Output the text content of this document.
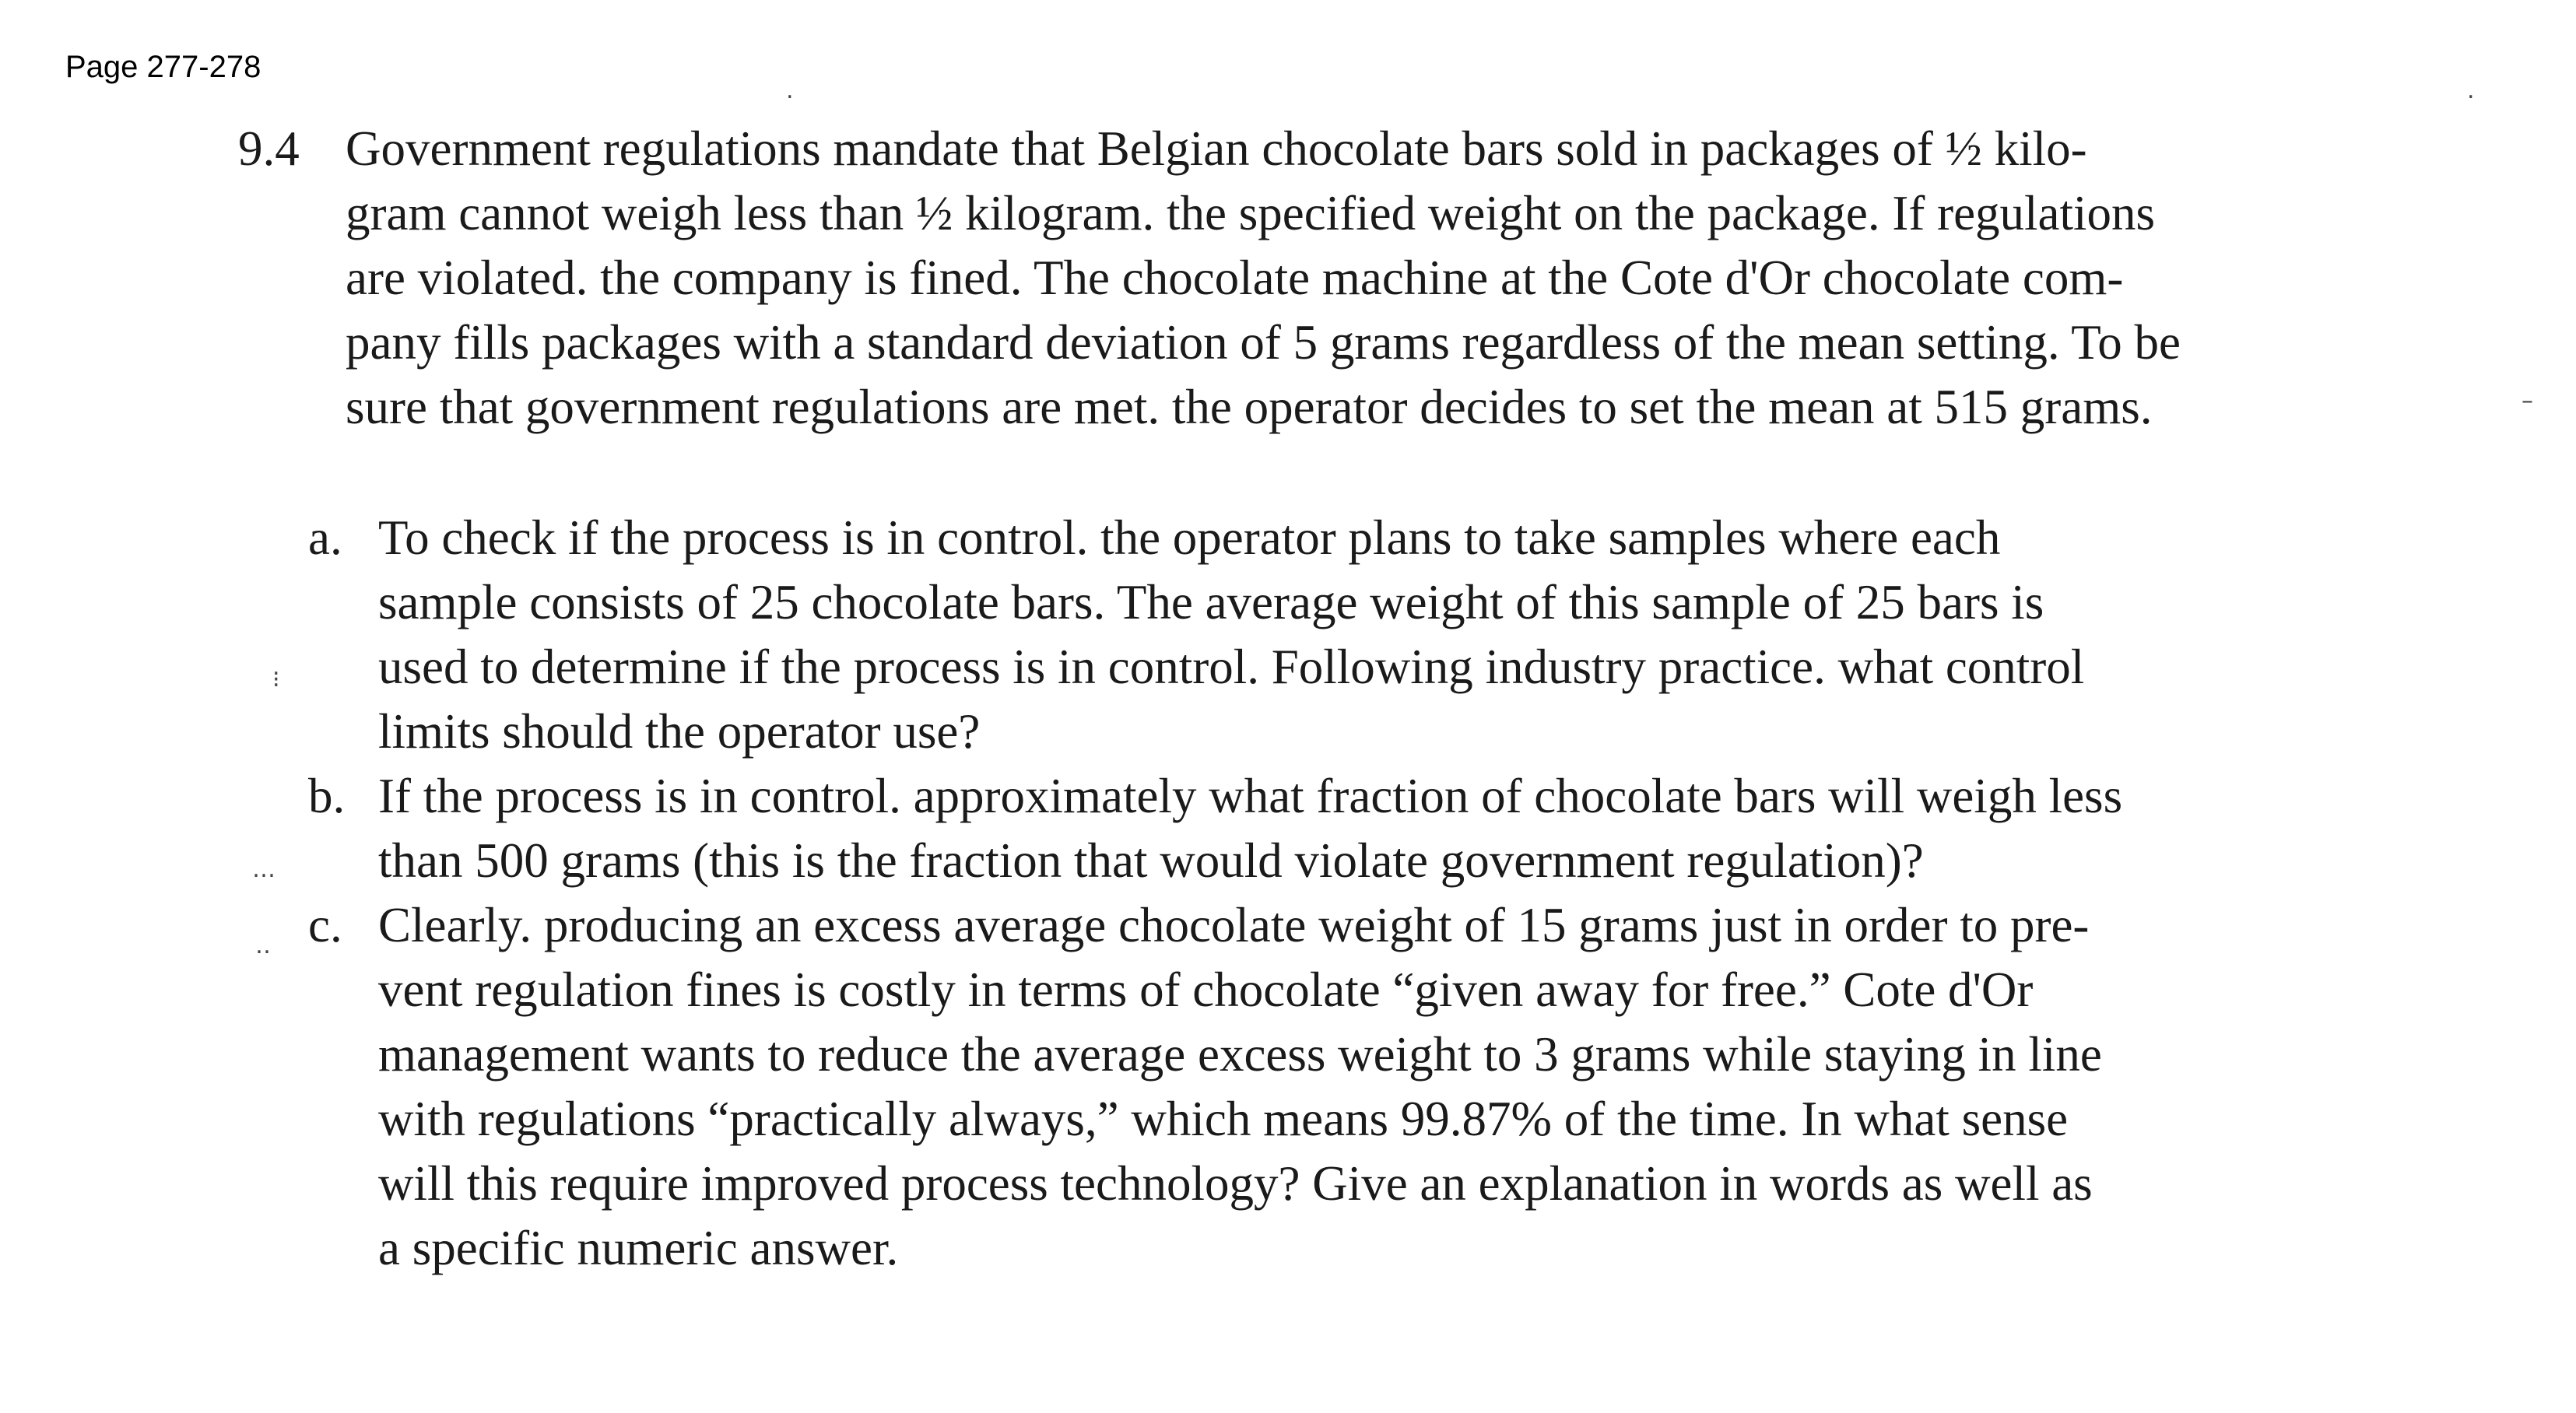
Page 277-278
9.4 Government regulations mandate that Belgian chocolate bars sold in packages of ½ kilo-
gram cannot weigh less than ½ kilogram. the specified weight on the package. If regulations
are violated. the company is fined. The chocolate machine at the Cote d'Or chocolate com-
pany fills packages with a standard deviation of 5 grams regardless of the mean setting. To be
sure that government regulations are met. the operator decides to set the mean at 515 grams.
a. To check if the process is in control. the operator plans to take samples where each
sample consists of 25 chocolate bars. The average weight of this sample of 25 bars is
used to determine if the process is in control. Following industry practice. what control
limits should the operator use?
b. If the process is in control. approximately what fraction of chocolate bars will weigh less
than 500 grams (this is the fraction that would violate government regulation)?
c. Clearly. producing an excess average chocolate weight of 15 grams just in order to pre-
vent regulation fines is costly in terms of chocolate “given away for free.” Cote d'Or
management wants to reduce the average excess weight to 3 grams while staying in line
with regulations “practically always,” which means 99.87% of the time. In what sense
will this require improved process technology? Give an explanation in words as well as
a specific numeric answer.
‧	‧
–
⁝
…
‥
